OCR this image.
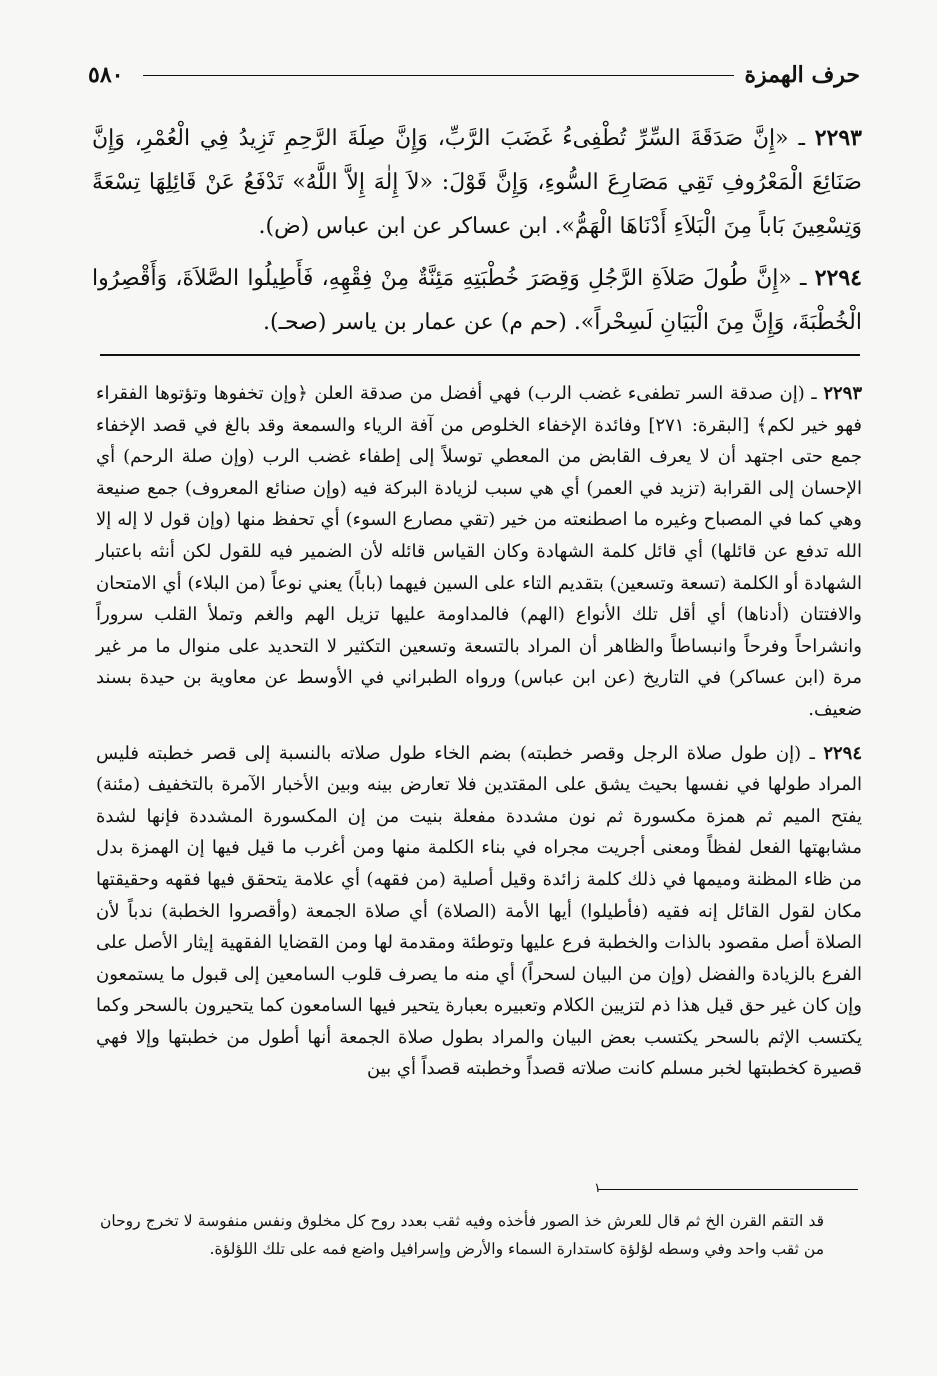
٥٨٠	حرف الهمزة

٢٢٩٣ ـ «إِنَّ صَدَقَةَ السِّرِّ تُطْفِىءُ غَضَبَ الرَّبِّ، وَإِنَّ صِلَةَ الرَّحِمِ تَزِيدُ فِي الْعُمْرِ، وَإِنَّ صَنَائِعَ الْمَعْرُوفِ تَقِي مَصَارِعَ السُّوءِ، وَإِنَّ قَوْلَ: «لاَ إِلٰهَ إِلاَّ اللَّهُ» تَدْفَعُ عَنْ قَائِلِهَا تِسْعَةً وَتِسْعِينَ بَاباً مِنَ الْبَلاَءِ أَدْنَاهَا الْهَمُّ». ابن عساكر عن ابن عباس (ض).

٢٢٩٤ ـ «إِنَّ طُولَ صَلاَةِ الرَّجُلِ وَقِصَرَ خُطْبَتِهِ مَئِنَّةٌ مِنْ فِقْهِهِ، فَأَطِيلُوا الصَّلاَةَ، وَأَقْصِرُوا الْخُطْبَةَ، وَإِنَّ مِنَ الْبَيَانِ لَسِحْراً». (حم م) عن عمار بن ياسر (صحـ).

٢٢٩٣ ـ (إن صدقة السر تطفىء غضب الرب) فهي أفضل من صدقة العلن ﴿وإن تخفوها وتؤتوها الفقراء فهو خير لكم﴾ [البقرة: ٢٧١] وفائدة الإخفاء الخلوص من آفة الرياء والسمعة وقد بالغ في قصد الإخفاء جمع حتى اجتهد أن لا يعرف القابض من المعطي توسلاً إلى إطفاء غضب الرب (وإن صلة الرحم) أي الإحسان إلى القرابة (تزيد في العمر) أي هي سبب لزيادة البركة فيه (وإن صنائع المعروف) جمع صنيعة وهي كما في المصباح وغيره ما اصطنعته من خير (تقي مصارع السوء) أي تحفظ منها (وإن قول لا إله إلا الله تدفع عن قائلها) أي قائل كلمة الشهادة وكان القياس قائله لأن الضمير فيه للقول لكن أنثه باعتبار الشهادة أو الكلمة (تسعة وتسعين) بتقديم التاء على السين فيهما (باباً) يعني نوعاً (من البلاء) أي الامتحان والافتتان (أدناها) أي أقل تلك الأنواع (الهم) فالمداومة عليها تزيل الهم والغم وتملأ القلب سروراً وانشراحاً وفرحاً وانبساطاً والظاهر أن المراد بالتسعة وتسعين التكثير لا التحديد على منوال ما مر غير مرة (ابن عساكر) في التاريخ (عن ابن عباس) ورواه الطبراني في الأوسط عن معاوية بن حيدة بسند ضعيف.

٢٢٩٤ ـ (إن طول صلاة الرجل وقصر خطبته) بضم الخاء طول صلاته بالنسبة إلى قصر خطبته فليس المراد طولها في نفسها بحيث يشق على المقتدين فلا تعارض بينه وبين الأخبار الآمرة بالتخفيف (مئنة) يفتح الميم ثم همزة مكسورة ثم نون مشددة مفعلة بنيت من إن المكسورة المشددة فإنها لشدة مشابهتها الفعل لفظاً ومعنى أجريت مجراه في بناء الكلمة منها ومن أغرب ما قيل فيها إن الهمزة بدل من ظاء المظنة وميمها في ذلك كلمة زائدة وقيل أصلية (من فقهه) أي علامة يتحقق فيها فقهه وحقيقتها مكان لقول القائل إنه فقيه (فأطيلوا) أيها الأمة (الصلاة) أي صلاة الجمعة (وأقصروا الخطبة) ندباً لأن الصلاة أصل مقصود بالذات والخطبة فرع عليها وتوطئة ومقدمة لها ومن القضايا الفقهية إيثار الأصل على الفرع بالزيادة والفضل (وإن من البيان لسحراً) أي منه ما يصرف قلوب السامعين إلى قبول ما يستمعون وإن كان غير حق قيل هذا ذم لتزيين الكلام وتعبيره بعبارة يتحير فيها السامعون كما يتحيرون بالسحر وكما يكتسب الإثم بالسحر يكتسب بعض البيان والمراد بطول صلاة الجمعة أنها أطول من خطبتها وإلا فهي قصيرة كخطبتها لخبر مسلم كانت صلاته قصداً وخطبته قصداً أي بين

١

قد التقم القرن الخ ثم قال للعرش خذ الصور فأخذه وفيه ثقب بعدد روح كل مخلوق ونفس منفوسة لا تخرج روحان من ثقب واحد وفي وسطه لؤلؤة كاستدارة السماء والأرض وإسرافيل واضع فمه على تلك اللؤلؤة.
